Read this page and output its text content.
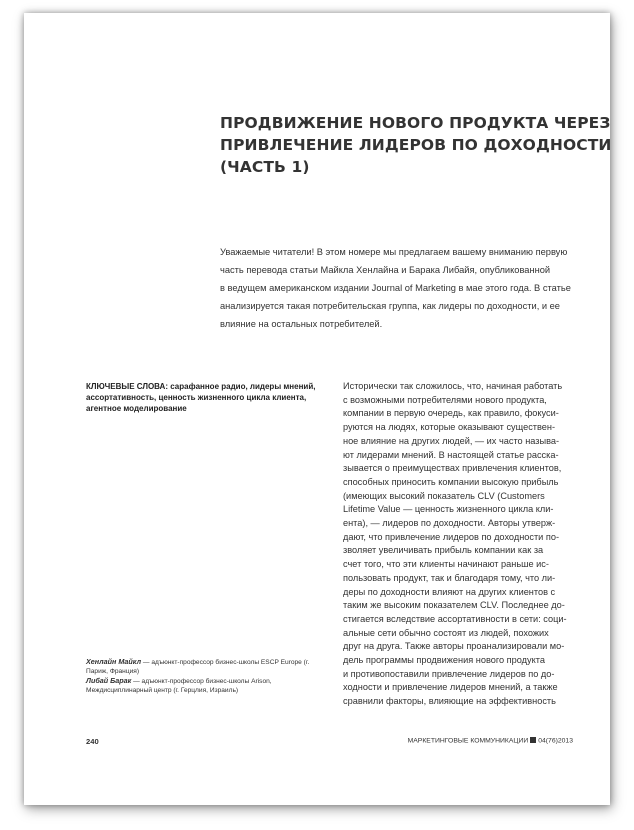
ПРОДВИЖЕНИЕ НОВОГО ПРОДУКТА ЧЕРЕЗ
ПРИВЛЕЧЕНИЕ ЛИДЕРОВ ПО ДОХОДНОСТИ
(ЧАСТЬ 1)
Уважаемые читатели! В этом номере мы предлагаем вашему вниманию первую
часть перевода статьи Майкла Хенлайна и Барака Либайя, опубликованной
в ведущем американском издании Journal of Marketing в мае этого года. В статье
анализируется такая потребительская группа, как лидеры по доходности, и ее
влияние на остальных потребителей.
КЛЮЧЕВЫЕ СЛОВА: сарафанное радио, лидеры мнений, ассортативность, ценность жизненного цикла клиента, агентное моделирование
Исторически так сложилось, что, начиная работать
с возможными потребителями нового продукта,
компании в первую очередь, как правило, фокуси-
руются на людях, которые оказывают существен-
ное влияние на других людей, — их часто называ-
ют лидерами мнений. В настоящей статье расска-
зывается о преимуществах привлечения клиентов,
способных приносить компании высокую прибыль
(имеющих высокий показатель CLV (Customers
Lifetime Value — ценность жизненного цикла кли-
ента), — лидеров по доходности. Авторы утверж-
дают, что привлечение лидеров по доходности по-
зволяет увеличивать прибыль компании как за
счет того, что эти клиенты начинают раньше ис-
пользовать продукт, так и благодаря тому, что ли-
деры по доходности влияют на других клиентов с
таким же высоким показателем CLV. Последнее до-
стигается вследствие ассортативности в сети: соци-
альные сети обычно состоят из людей, похожих
друг на друга. Также авторы проанализировали мо-
дель программы продвижения нового продукта
и противопоставили привлечение лидеров по до-
ходности и привлечение лидеров мнений, а также
сравнили факторы, влияющие на эффективность
Хенлайн Майкл — адъюнкт-профессор бизнес-школы ESCP Europe (г. Париж, Франция)
Либай Барак — адъюнкт-профессор бизнес-школы Arison, Междисциплинарный центр (г. Герцлия, Израиль)
240	МАРКЕТИНГОВЫЕ КОММУНИКАЦИИ 04(76)2013
